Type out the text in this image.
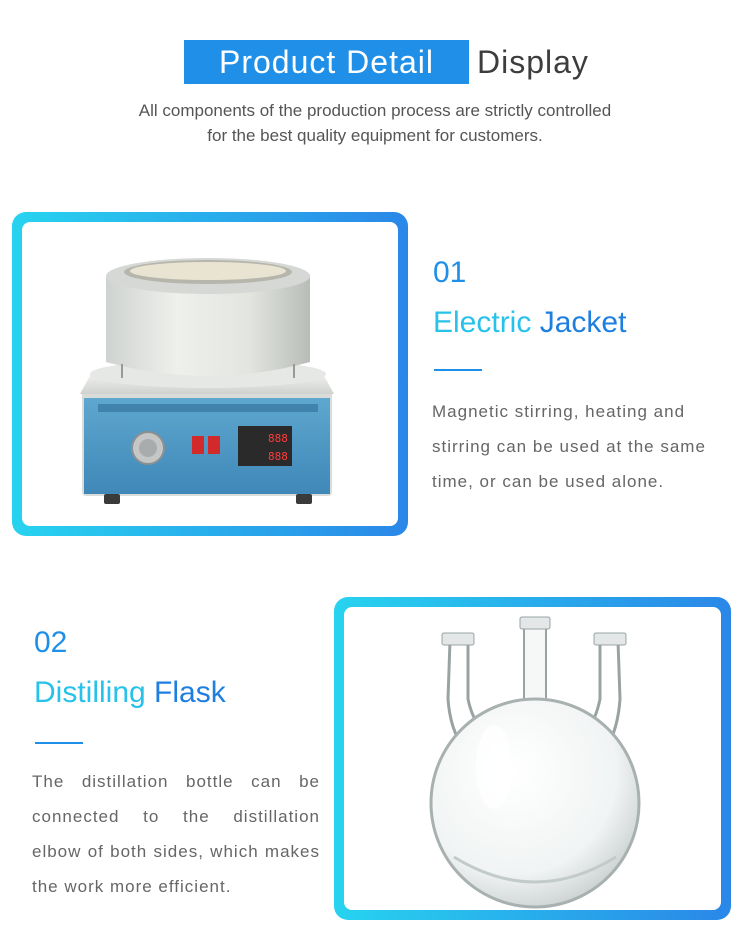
Product Detail	Display
All components of the production process are strictly controlled
for the best quality equipment for customers.
888
888
01
Electric Jacket
Magnetic stirring, heating and stirring can be used at the same time, or can be used alone.
02
Distilling Flask
The distillation bottle can be connected to the distillation elbow of both sides, which makes the work more efficient.
